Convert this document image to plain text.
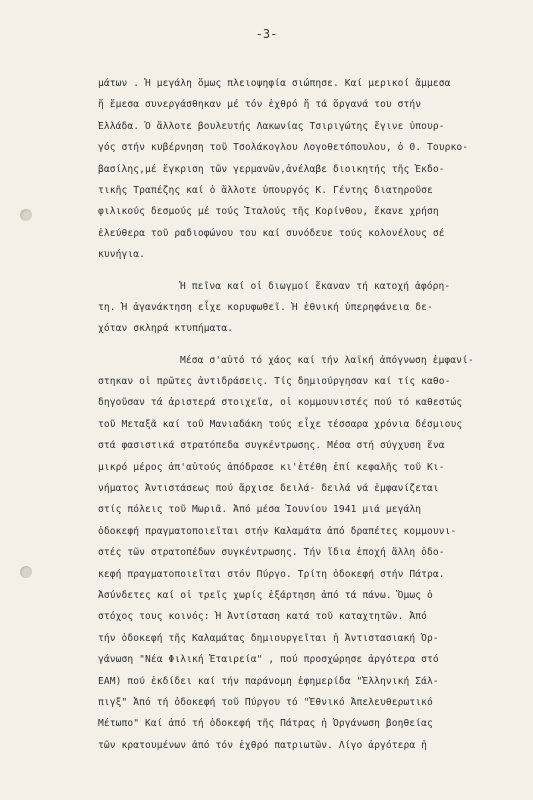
-3-
μάτων . Ἡ μεγάλη ὅμως πλειοψηφία σιώπησε. Καί μερικοί ἄμμεσα
ἤ ἔμεσα συνεργάσθηκαν μέ τόν ἐχθρό ἤ τά ὄργανά του στήν
Ἑλλάδα. Ὁ ἄλλοτε βουλευτής Λακωνίας Τσιριγώτης ἔγινε ὑπουρ-
γός στήν κυβέρνηση τοῦ Τσολάκογλου Λογοθετόπουλου, ὁ Θ. Τουρκο-
βασίλης,μέ ἔγκριση τῶν γερμανῶν,ἀνέλαβε διοικητής τῆς Ἐκδο-
τικῆς Τραπέζης καί ὁ ἄλλοτε ὑπουργός Κ. Γέντης διατηροῦσε
φιλικούς δεσμούς μέ τούς Ἰταλούς τῆς Κορίνθου, ἔκανε χρήση
ἐλεύθερα τοῦ ραδιοφώνου του καί συνόδευε τούς κολονέλους σέ
κυνήγια.
Ἡ πεῖνα καί οἱ διωγμοί ἔκαναν τή κατοχή ἀφόρη-
τη. Ἡ ἀγανάκτηση εἶχε κορυφωθεῖ. Ἡ ἐθνική ὑπερηφάνεια δε-
χόταν σκληρά κτυπήματα.
Μέσα σ'αὐτό τό χάος καί τήν λαϊκή ἀπόγνωση ἐμφανί-
στηκαν οἱ πρῶτες ἀντιδράσεις. Τίς δημιούργησαν καί τίς καθο-
δηγοῦσαν τά ἀριστερά στοιχεῖα, οἱ κομμουνιστές πού τό καθεστώς
τοῦ Μεταξᾶ καί τοῦ Μανιαδάκη τούς εἶχε τέσσαρα χρόνια δέσμιους
στά φασιστικά στρατόπεδα συγκέντρωσης. Μέσα στή σύγχυση ἕνα
μικρό μέρος ἀπ'αὐτούς ἀπόδρασε κι'ἐτέθη ἐπί κεφαλῆς τοῦ Κι-
νήματος Ἀντιστάσεως πού ἄρχισε δειλά- δειλά νά ἐμφανίζεται
στίς πόλεις τοῦ Μωριᾶ. Ἀπό μέσα Ἰουνίου 1941 μιά μεγάλη
ὁδοκεφή πραγματοποιεῖται στήν Καλαμάτα ἀπό δραπέτες κομμουνι-
στές τῶν στρατοπέδων συγκέντρωσης. Τήν ἴδια ἐποχή ἄλλη ὁδο-
κεφή πραγματοποιεῖται στόν Πύργο. Τρίτη ὁδοκεφή στήν Πάτρα.
Ἀσύνδετες καί οἱ τρεῖς χωρίς ἐξάρτηση ἀπό τά πάνω. Ὅμως ὁ
στόχος τους κοινός: Ἡ Ἀντίσταση κατά τοῦ καταχτητῶν. Ἀπό
τήν ὁδοκεφή τῆς Καλαμάτας δημιουργεῖται ἡ Ἀντιστασιακή Ὀρ-
γάνωση "Νέα Φιλική Ἑταιρεία" , πού προσχώρησε ἀργότερα στό
ΕΑΜ) πού ἐκδίδει καί τήν παράνομη ἐφημερίδα "Ἑλληνική Σάλ-
πιγξ" Ἀπό τή ὁδοκεφή τοῦ Πύργου τό "Ἐθνικό Ἀπελευθερωτικό
Μέτωπο" Καί ἀπό τή ὁδοκεφή τῆς Πάτρας ἡ Ὀργάνωση βοηθείας
τῶν κρατουμένων ἀπό τόν ἐχθρό πατριωτῶν. Λίγο ἀργότερα ἡ
